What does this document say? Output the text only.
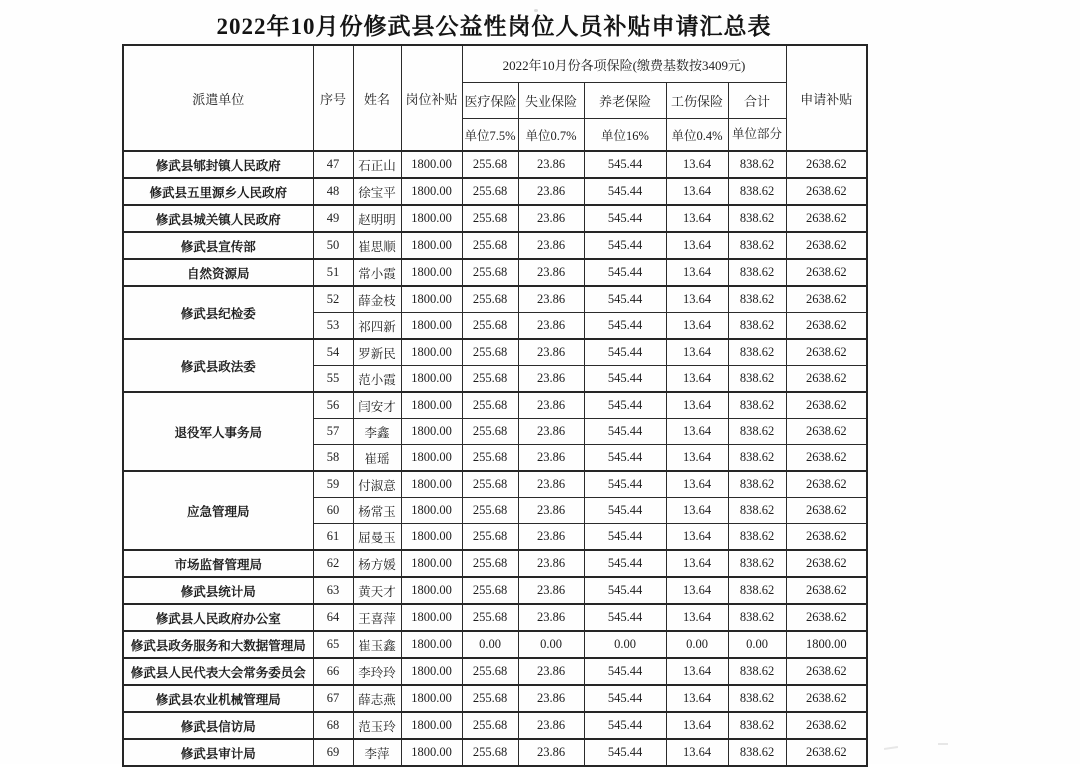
2022年10月份修武县公益性岗位人员补贴申请汇总表
派遣单位	序号	姓名	岗位补贴	2022年10月份各项保险(缴费基数按3409元)					申请补贴
				医疗保险	失业保险	养老保险	工伤保险	合计	
				单位7.5%	单位0.7%	单位16%	单位0.4%	单位部分	
修武县郇封镇人民政府	47	石正山	1800.00	255.68	23.86	545.44	13.64	838.62	2638.62
修武县五里源乡人民政府	48	徐宝平	1800.00	255.68	23.86	545.44	13.64	838.62	2638.62
修武县城关镇人民政府	49	赵明明	1800.00	255.68	23.86	545.44	13.64	838.62	2638.62
修武县宣传部	50	崔思顺	1800.00	255.68	23.86	545.44	13.64	838.62	2638.62
自然资源局	51	常小霞	1800.00	255.68	23.86	545.44	13.64	838.62	2638.62
修武县纪检委	52	薛金枝	1800.00	255.68	23.86	545.44	13.64	838.62	2638.62
	53	祁四新	1800.00	255.68	23.86	545.44	13.64	838.62	2638.62
修武县政法委	54	罗新民	1800.00	255.68	23.86	545.44	13.64	838.62	2638.62
	55	范小霞	1800.00	255.68	23.86	545.44	13.64	838.62	2638.62
退役军人事务局	56	闫安才	1800.00	255.68	23.86	545.44	13.64	838.62	2638.62
	57	李鑫	1800.00	255.68	23.86	545.44	13.64	838.62	2638.62
	58	崔瑶	1800.00	255.68	23.86	545.44	13.64	838.62	2638.62
应急管理局	59	付淑意	1800.00	255.68	23.86	545.44	13.64	838.62	2638.62
	60	杨常玉	1800.00	255.68	23.86	545.44	13.64	838.62	2638.62
	61	屈曼玉	1800.00	255.68	23.86	545.44	13.64	838.62	2638.62
市场监督管理局	62	杨方媛	1800.00	255.68	23.86	545.44	13.64	838.62	2638.62
修武县统计局	63	黄天才	1800.00	255.68	23.86	545.44	13.64	838.62	2638.62
修武县人民政府办公室	64	王喜萍	1800.00	255.68	23.86	545.44	13.64	838.62	2638.62
修武县政务服务和大数据管理局	65	崔玉鑫	1800.00	0.00	0.00	0.00	0.00	0.00	1800.00
修武县人民代表大会常务委员会	66	李玲玲	1800.00	255.68	23.86	545.44	13.64	838.62	2638.62
修武县农业机械管理局	67	薛志燕	1800.00	255.68	23.86	545.44	13.64	838.62	2638.62
修武县信访局	68	范玉玲	1800.00	255.68	23.86	545.44	13.64	838.62	2638.62
修武县审计局	69	李萍	1800.00	255.68	23.86	545.44	13.64	838.62	2638.62
